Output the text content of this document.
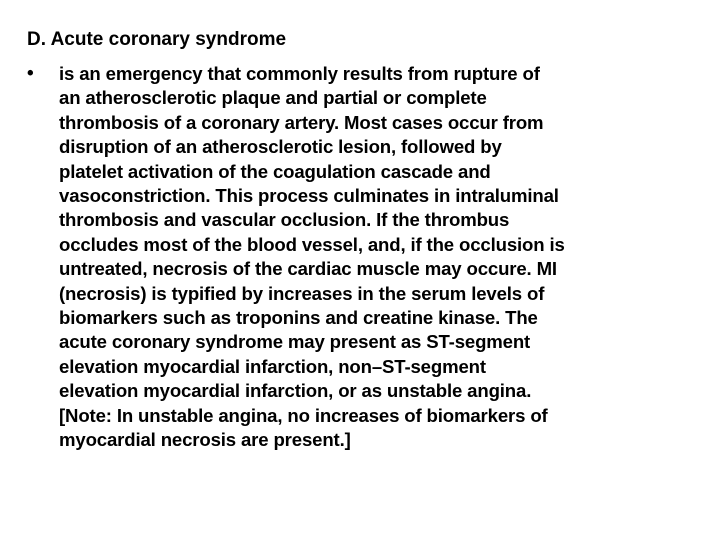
D. Acute coronary syndrome
• is an emergency that commonly results from rupture of
an atherosclerotic plaque and partial or complete
thrombosis of a coronary artery. Most cases occur from
disruption of an atherosclerotic lesion, followed by
platelet activation of the coagulation cascade and
vasoconstriction. This process culminates in intraluminal
thrombosis and vascular occlusion. If the thrombus
occludes most of the blood vessel, and, if the occlusion is
untreated, necrosis of the cardiac muscle may occure. MI
(necrosis) is typified by increases in the serum levels of
biomarkers such as troponins and creatine kinase. The
acute coronary syndrome may present as ST-segment
elevation myocardial infarction, non–ST-segment
elevation myocardial infarction, or as unstable angina.
[Note: In unstable angina, no increases of biomarkers of
myocardial necrosis are present.]
